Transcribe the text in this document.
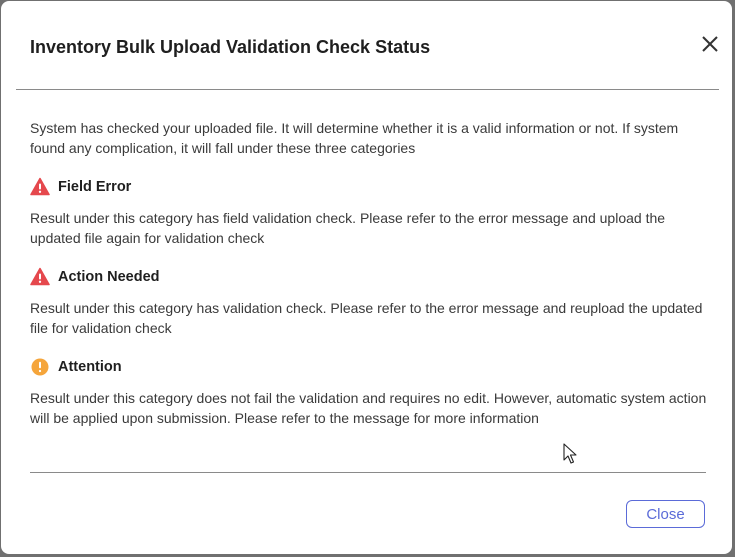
Inventory Bulk Upload Validation Check Status
System has checked your uploaded file. It will determine whether it is a valid information or not. If system found any complication, it will fall under these three categories
Field Error
Result under this category has field validation check. Please refer to the error message and upload the updated file again for validation check
Action Needed
Result under this category has validation check. Please refer to the error message and reupload the updated file for validation check
Attention
Result under this category does not fail the validation and requires no edit. However, automatic system action will be applied upon submission. Please refer to the message for more information
Close
